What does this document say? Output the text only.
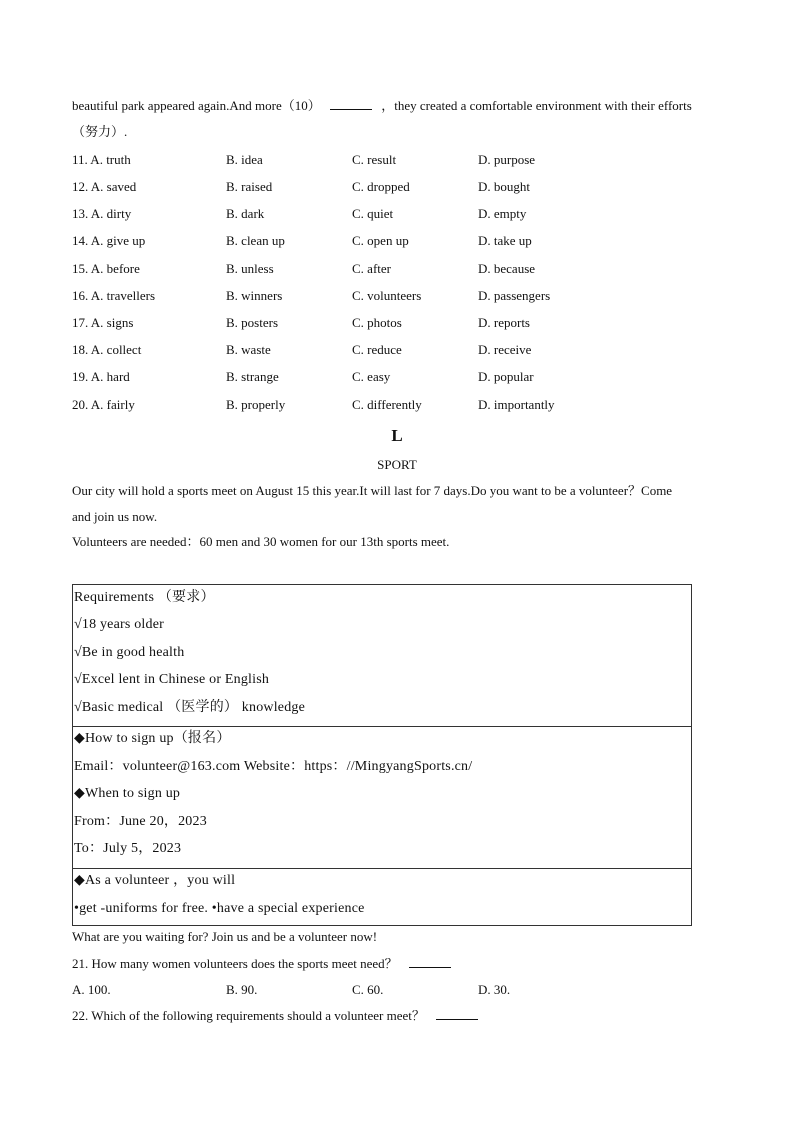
beautiful park appeared again.And more（10）	，they created a comfortable environment with their efforts
（努力）.
11. A. truth	B. idea	C. result	D. purpose
12. A. saved	B. raised	C. dropped	D. bought
13. A. dirty	B. dark	C. quiet	D. empty
14. A. give up	B. clean up	C. open up	D. take up
15. A. before	B. unless	C. after	D. because
16. A. travellers	B. winners	C. volunteers	D. passengers
17. A. signs	B. posters	C. photos	D. reports
18. A. collect	B. waste	C. reduce	D. receive
19. A. hard	B. strange	C. easy	D. popular
20. A. fairly	B. properly	C. differently	D. importantly
L
SPORT
Our city will hold a sports meet on August 15 this year.It will last for 7 days.Do you want to be a volunteer？Come
and join us now.
Volunteers are needed：60 men and 30 women for our 13th sports meet.
Requirements （要求）
√18 years older
√Be in good health
√Excel lent in Chinese or English
√Basic medical （医学的） knowledge
◆How to sign up（报名）
Email：volunteer@163.com Website：https：//MingyangSports.cn/
◆When to sign up
From：June 20，2023
To：July 5，2023
◆As a volunteer ，you will
•get -uniforms for free. •have a special experience
What are you waiting for? Join us and be a volunteer now!
21. How many women volunteers does the sports meet need？
A. 100.	B. 90.	C. 60.	D. 30.
22. Which of the following requirements should a volunteer meet？
